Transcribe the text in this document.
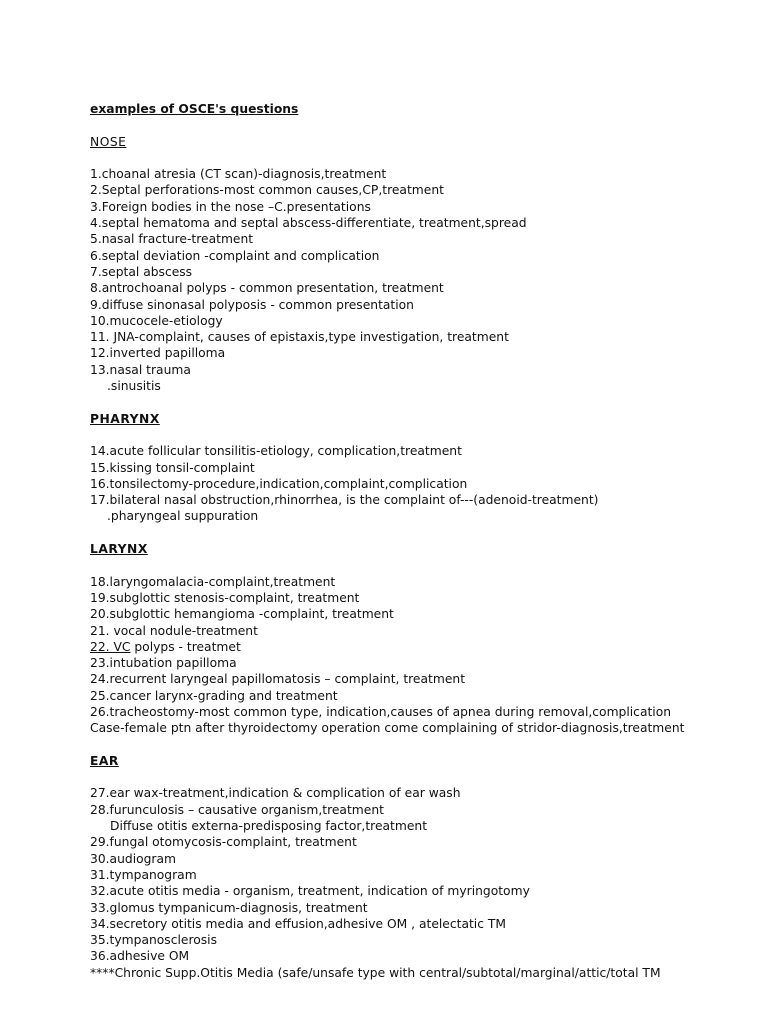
examples of OSCE's questions
NOSE
1.choanal atresia (CT scan)-diagnosis,treatment
2.Septal perforations-most common causes,CP,treatment
3.Foreign bodies in the nose –C.presentations
4.septal hematoma and septal abscess-differentiate, treatment,spread
5.nasal fracture-treatment
6.septal deviation -complaint and complication
7.septal abscess
8.antrochoanal polyps - common presentation, treatment
9.diffuse sinonasal polyposis - common presentation
10.mucocele-etiology
11. JNA-complaint, causes of epistaxis,type investigation, treatment
12.inverted papilloma
13.nasal trauma
.sinusitis
PHARYNX
14.acute follicular tonsilitis-etiology, complication,treatment
15.kissing tonsil-complaint
16.tonsilectomy-procedure,indication,complaint,complication
17.bilateral nasal obstruction,rhinorrhea, is the complaint of---(adenoid-treatment)
.pharyngeal suppuration
LARYNX
18.laryngomalacia-complaint,treatment
19.subglottic stenosis-complaint, treatment
20.subglottic hemangioma -complaint, treatment
21. vocal nodule-treatment
22. VC polyps - treatmet
23.intubation papilloma
24.recurrent laryngeal papillomatosis – complaint, treatment
25.cancer larynx-grading and treatment
26.tracheostomy-most common type, indication,causes of apnea during removal,complication
Case-female ptn after thyroidectomy operation come complaining of stridor-diagnosis,treatment
EAR
27.ear wax-treatment,indication & complication of ear wash
28.furunculosis – causative organism,treatment
Diffuse otitis externa-predisposing factor,treatment
29.fungal otomycosis-complaint, treatment
30.audiogram
31.tympanogram
32.acute otitis media - organism, treatment, indication of myringotomy
33.glomus tympanicum-diagnosis, treatment
34.secretory otitis media and effusion,adhesive OM , atelectatic TM
35.tympanosclerosis
36.adhesive OM
****Chronic Supp.Otitis Media (safe/unsafe type with central/subtotal/marginal/attic/total TM
